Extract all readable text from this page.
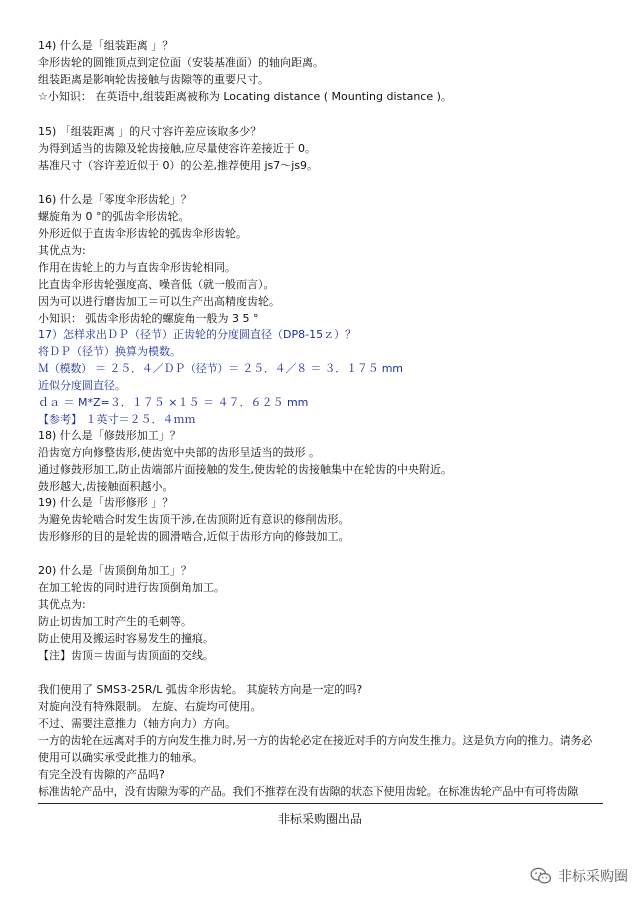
14) 什么是「组装距离 」？
伞形齿轮的圆锥顶点到定位面（安装基准面）的轴向距离。
组装距离是影响轮齿接触与齿隙等的重要尺寸。
☆小知识： 在英语中,组装距离被称为 Locating distance ( Mounting distance )。
15) 「组装距离 」的尺寸容许差应该取多少？
为得到适当的齿隙及轮齿接触,应尽量使容许差接近于 0。
基准尺寸（容许差近似于 0）的公差,推荐使用 js7～js9。
16) 什么是「零度伞形齿轮」？
螺旋角为 0 °的弧齿伞形齿轮。
外形近似于直齿伞形齿轮的弧齿伞形齿轮。
其优点为:
作用在齿轮上的力与直齿伞形齿轮相同。
比直齿伞形齿轮强度高、噪音低（就一般而言）。
因为可以进行磨齿加工＝可以生产出高精度齿轮。
小知识： 弧齿伞形齿轮的螺旋角一般为 3 5 °
17）怎样求出ＤＰ（径节）正齿轮的分度圆直径（DP8-15ｚ）？
将ＤＰ（径节）换算为模数。
Ｍ（模数） ＝ ２５．４／ＤＰ（径节）＝ ２５．４／８ ＝ ３．１７５ mm
近似分度圆直径。
ｄａ ＝ M*Z=３．１７５ ×１５ ＝ ４７．６２５ mm
【参考】 １英寸＝２５．４ｍｍ
18) 什么是「修鼓形加工」？
沿齿宽方向修整齿形,使齿宽中央部的齿形呈适当的鼓形 。
通过修鼓形加工,防止齿端部片面接触的发生,使齿轮的齿接触集中在轮齿的中央附近。
鼓形越大,齿接触面积越小。
19) 什么是「齿形修形 」？
为避免齿轮啮合时发生齿顶干涉,在齿顶附近有意识的修削齿形。
齿形修形的目的是轮齿的圆滑啮合,近似于齿形方向的修鼓加工。
20) 什么是「齿顶倒角加工」？
在加工轮齿的同时进行齿顶倒角加工。
其优点为:
防止切齿加工时产生的毛刺等。
防止使用及搬运时容易发生的撞痕。
【注】齿顶＝齿面与齿顶面的交线。
我们使用了 SMS3-25R/L 弧齿伞形齿轮。 其旋转方向是一定的吗?
对旋向没有特殊限制。 左旋、右旋均可使用。
不过、需要注意推力（轴方向力）方向。
一方的齿轮在远离对手的方向发生推力时,另一方的齿轮必定在接近对手的方向发生推力。这是负方向的推力。请务必
使用可以确实承受此推力的轴承。
有完全没有齿隙的产品吗?
标准齿轮产品中，没有齿隙为零的产品。我们不推荐在没有齿隙的状态下使用齿轮。在标准齿轮产品中有可将齿隙
非标采购圈出品
非标采购圈
